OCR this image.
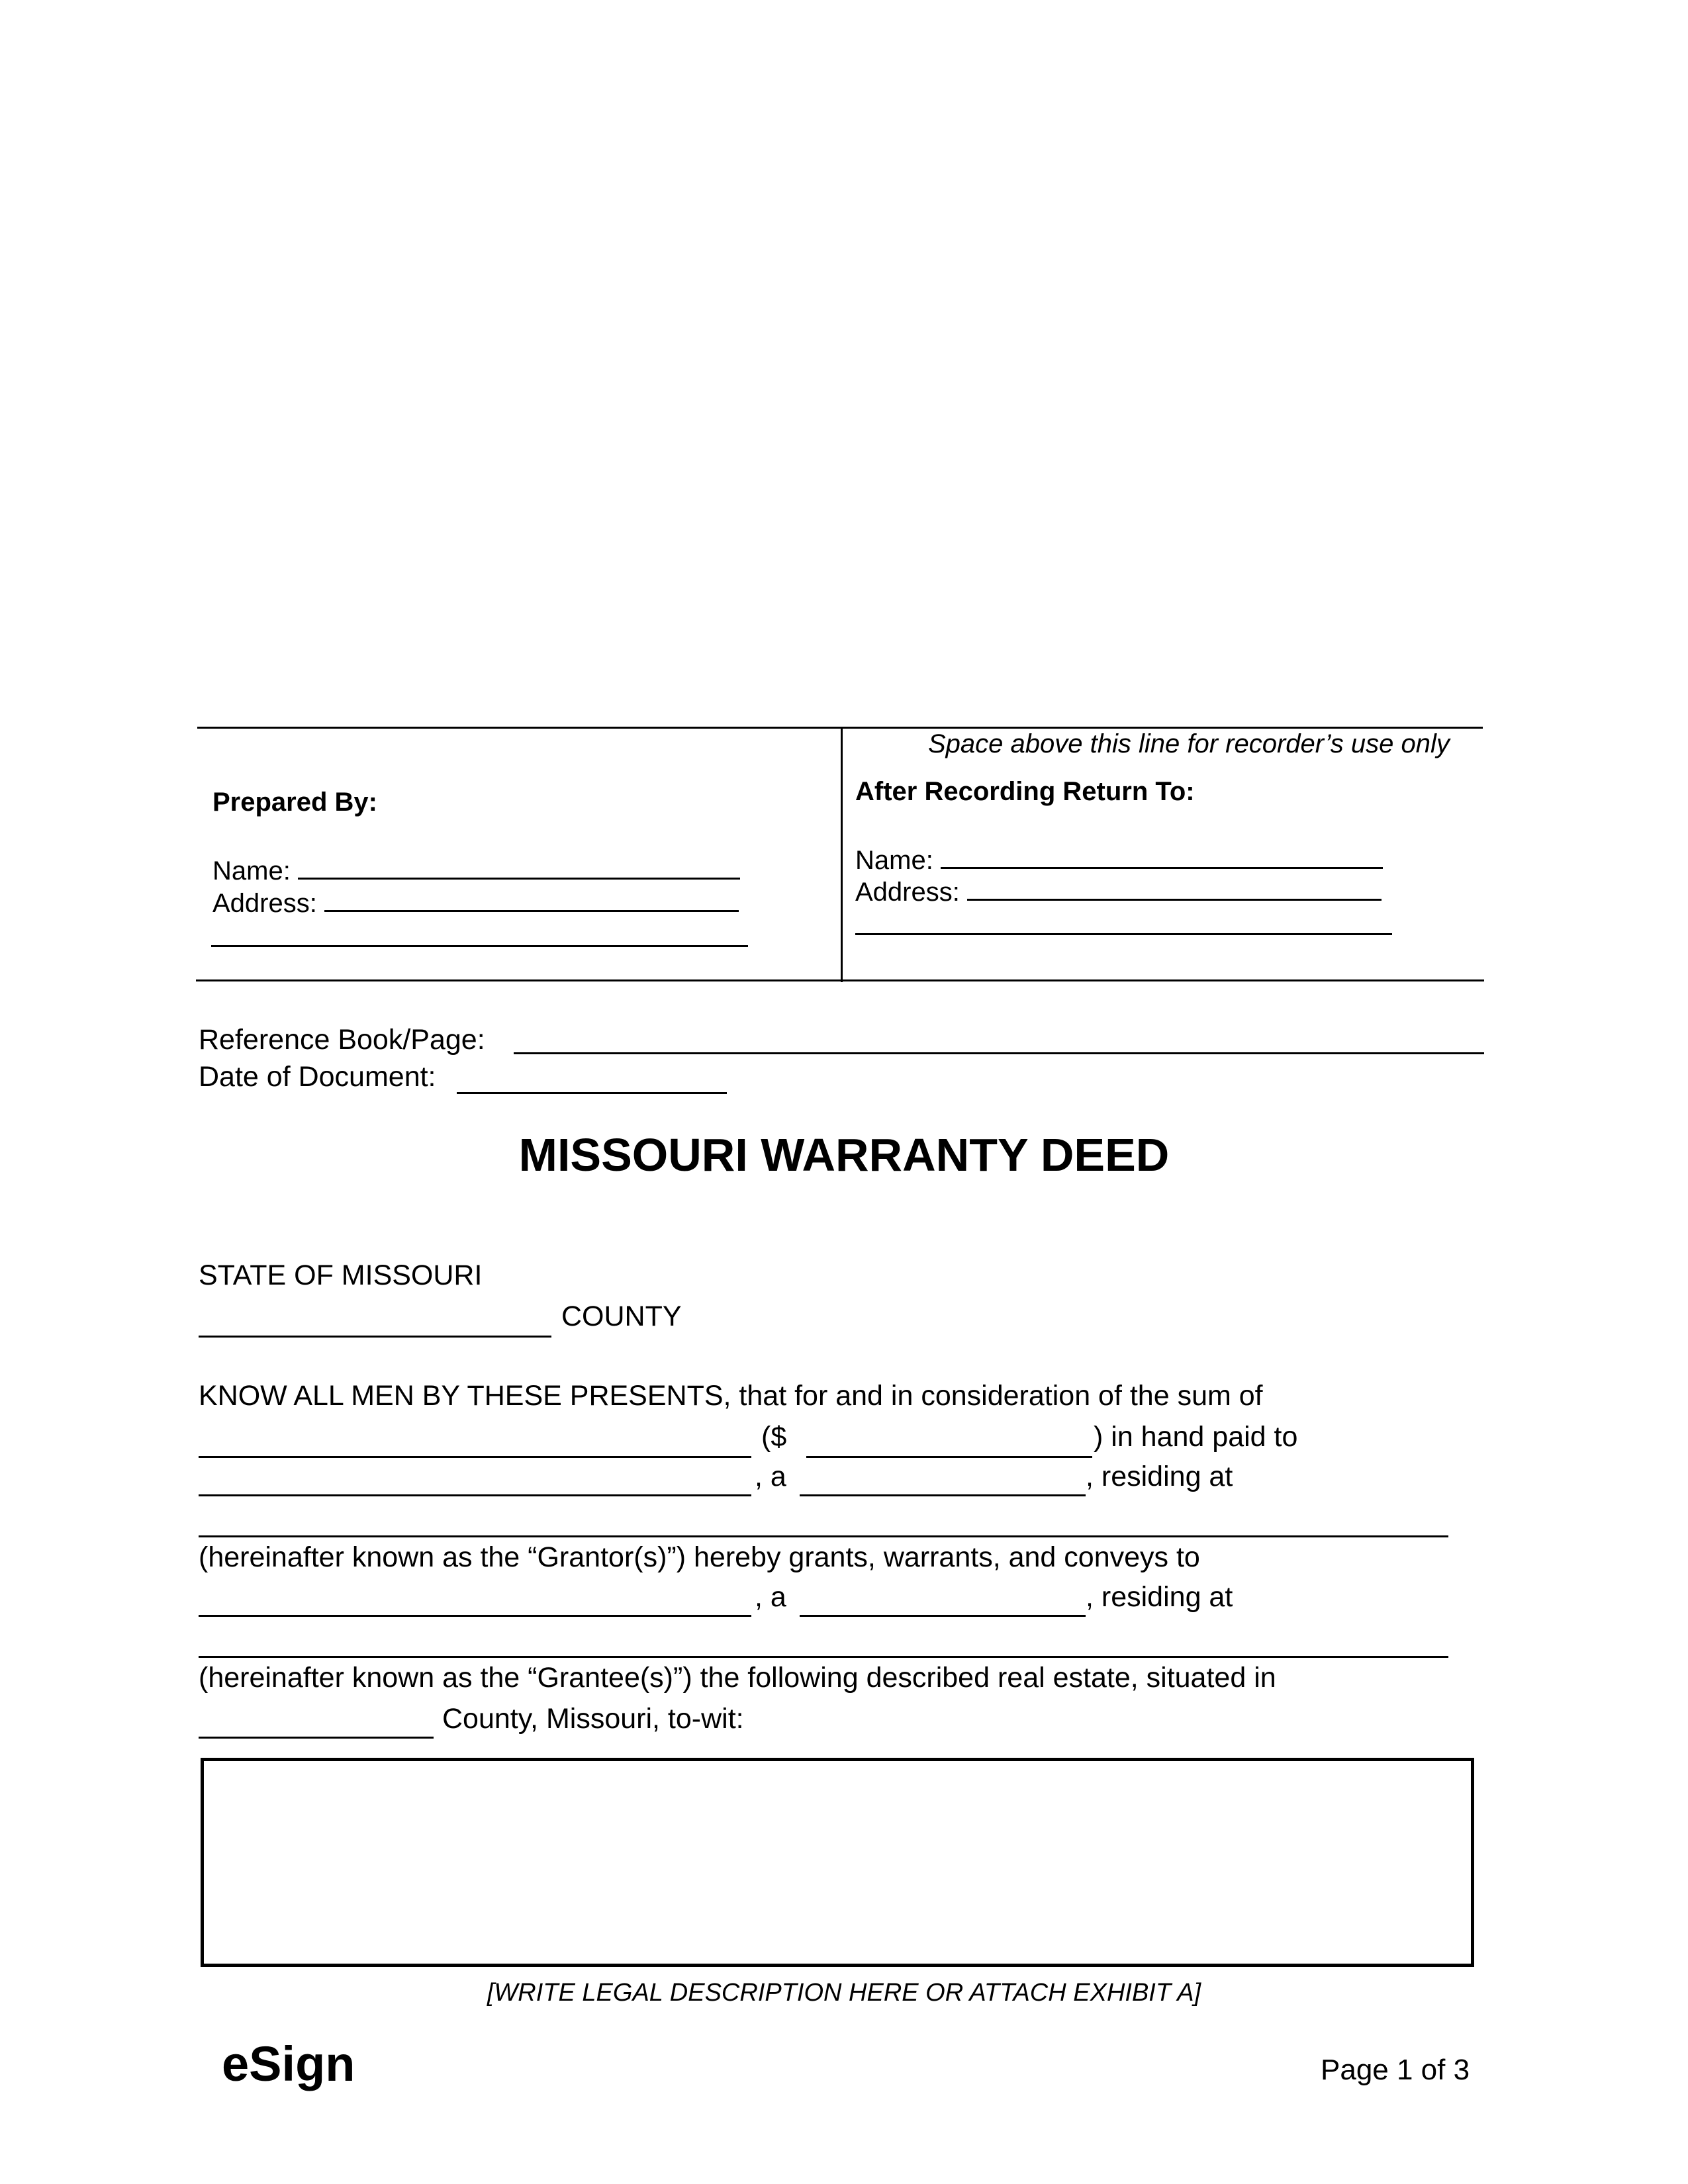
Space above this line for recorder’s use only
Prepared By:
Name:
Address:
After Recording Return To:
Name:
Address:
Reference Book/Page:
Date of Document:
MISSOURI WARRANTY DEED
STATE OF MISSOURI
COUNTY
KNOW ALL MEN BY THESE PRESENTS, that for and in consideration of the sum of
($	) in hand paid to
, a	, residing at
(hereinafter known as the “Grantor(s)”) hereby grants, warrants, and conveys to
, a	, residing at
(hereinafter known as the “Grantee(s)”) the following described real estate, situated in
County, Missouri, to-wit:
[WRITE LEGAL DESCRIPTION HERE OR ATTACH EXHIBIT A]
eSign	Page 1 of 3
